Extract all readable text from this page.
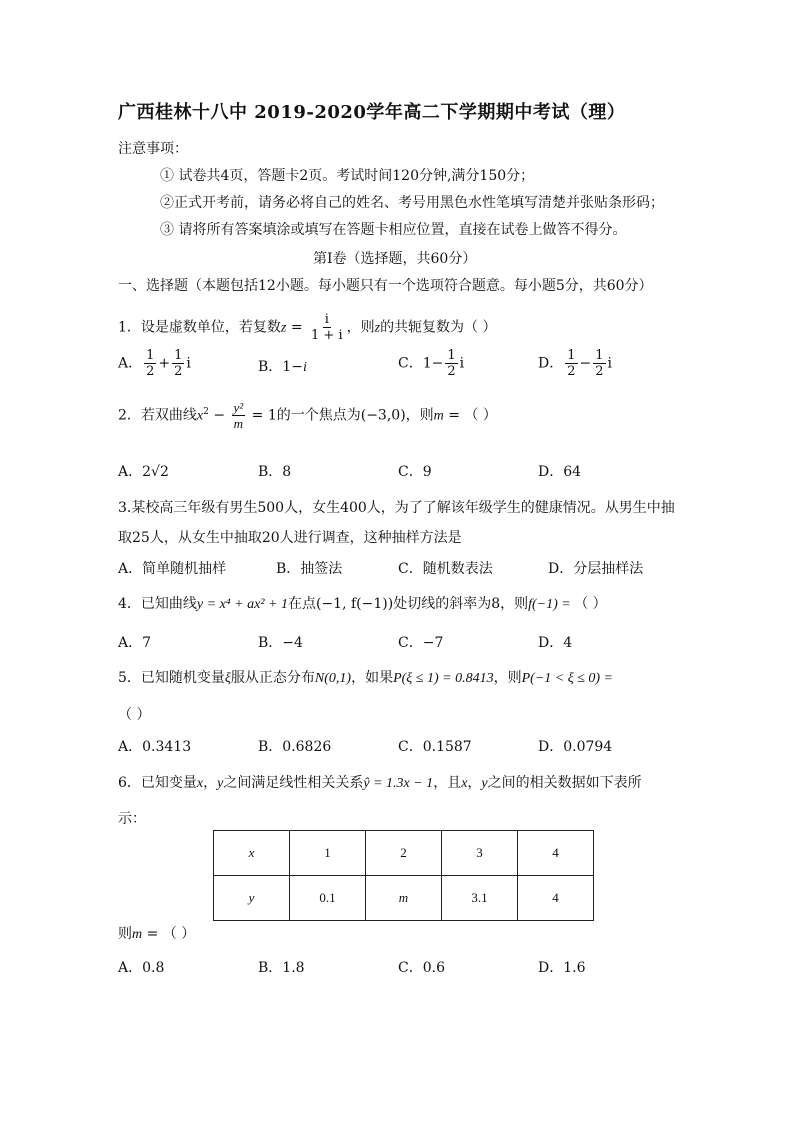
广西桂林十八中 2019-2020学年高二下学期期中考试（理）
注意事项：
① 试卷共4页，答题卡2页。考试时间120分钟,满分150分；
②正式开考前，请务必将自己的姓名、考号用黑色水性笔填写清楚并张贴条形码；
③ 请将所有答案填涂或填写在答题卡相应位置，直接在试卷上做答不得分。
第I卷（选择题，共60分）
一、选择题（本题包括12小题。每小题只有一个选项符合题意。每小题5分，共60分）
1．设是虚数单位，若复数$z = \frac{i}{1 + i}$ ，则z的共轭复数为（ ）
A． $\frac{1}{2} + \frac{1}{2}$ i	B．1−i	C．$1- \frac{1}{2}$ i	D． $\frac{1}{2} - \frac{1}{2}$ i
2．若双曲线$x^2 - \frac{\text{y²}}{m} = 1$的一个焦点为(−3,0)，则m = （ ）
A．2√2	B．8	C．9	D．64
3.某校高三年级有男生500人，女生400人，为了了解该年级学生的健康情况。从男生中抽
取25人，从女生中抽取20人进行调查，这种抽样方法是
A．简单随机抽样	B．抽签法	C．随机数表法	D．分层抽样法
4．已知曲线y = x⁴ + ax² + 1在点(−1, f(−1))处切线的斜率为8，则f(−1) = （ ）
A．7	B．−4	C．−7	D．4
5．已知随机变量ξ服从正态分布N(0,1)，如果P(ξ ≤ 1) = 0.8413，则P(−1 < ξ ≤ 0) =
（ ）
A．0.3413	B．0.6826	C．0.1587	D．0.0794
6．已知变量x，y之间满足线性相关关系ŷ = 1.3x − 1，且x，y之间的相关数据如下表所
示：
x	1	2	3	4
y	0.1	m	3.1	4
则m = （ ）
A．0.8	B．1.8	C．0.6	D．1.6
